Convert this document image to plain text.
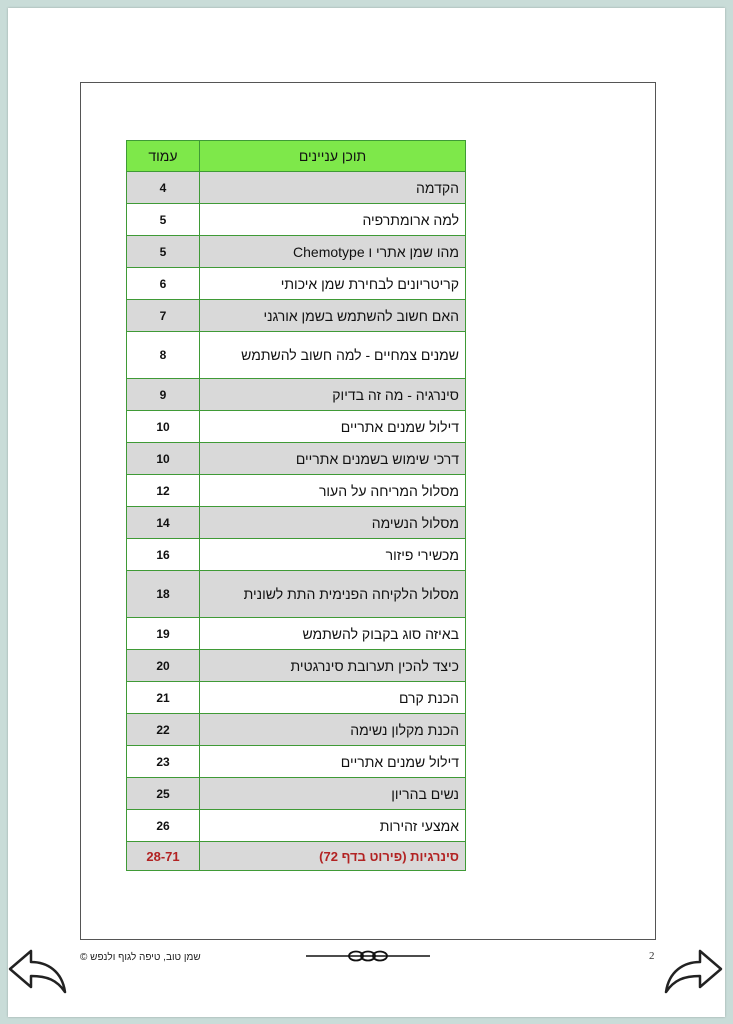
תוכן עניינים	עמוד
הקדמה	4
למה ארומתרפיה	5
מהו שמן אתרי ו Chemotype	5
קריטריונים לבחירת שמן איכותי	6
האם חשוב להשתמש בשמן אורגני	7
שמנים צמחיים - למה חשוב להשתמש	8
סינרגיה - מה זה בדיוק	9
דילול שמנים אתריים	10
דרכי שימוש בשמנים אתריים	10
מסלול המריחה על העור	12
מסלול הנשימה	14
מכשירי פיזור	16
מסלול הלקיחה הפנימית התת לשונית	18
באיזה סוג בקבוק להשתמש	19
כיצד להכין תערובת סינרגטית	20
הכנת קרם	21
הכנת מקלון נשימה	22
דילול שמנים אתריים	23
נשים בהריון	25
אמצעי זהירות	26
סינרגיות (פירוט בדף 72)	28-71
שמן טוב, טיפה לגוף ולנפש ©	2
